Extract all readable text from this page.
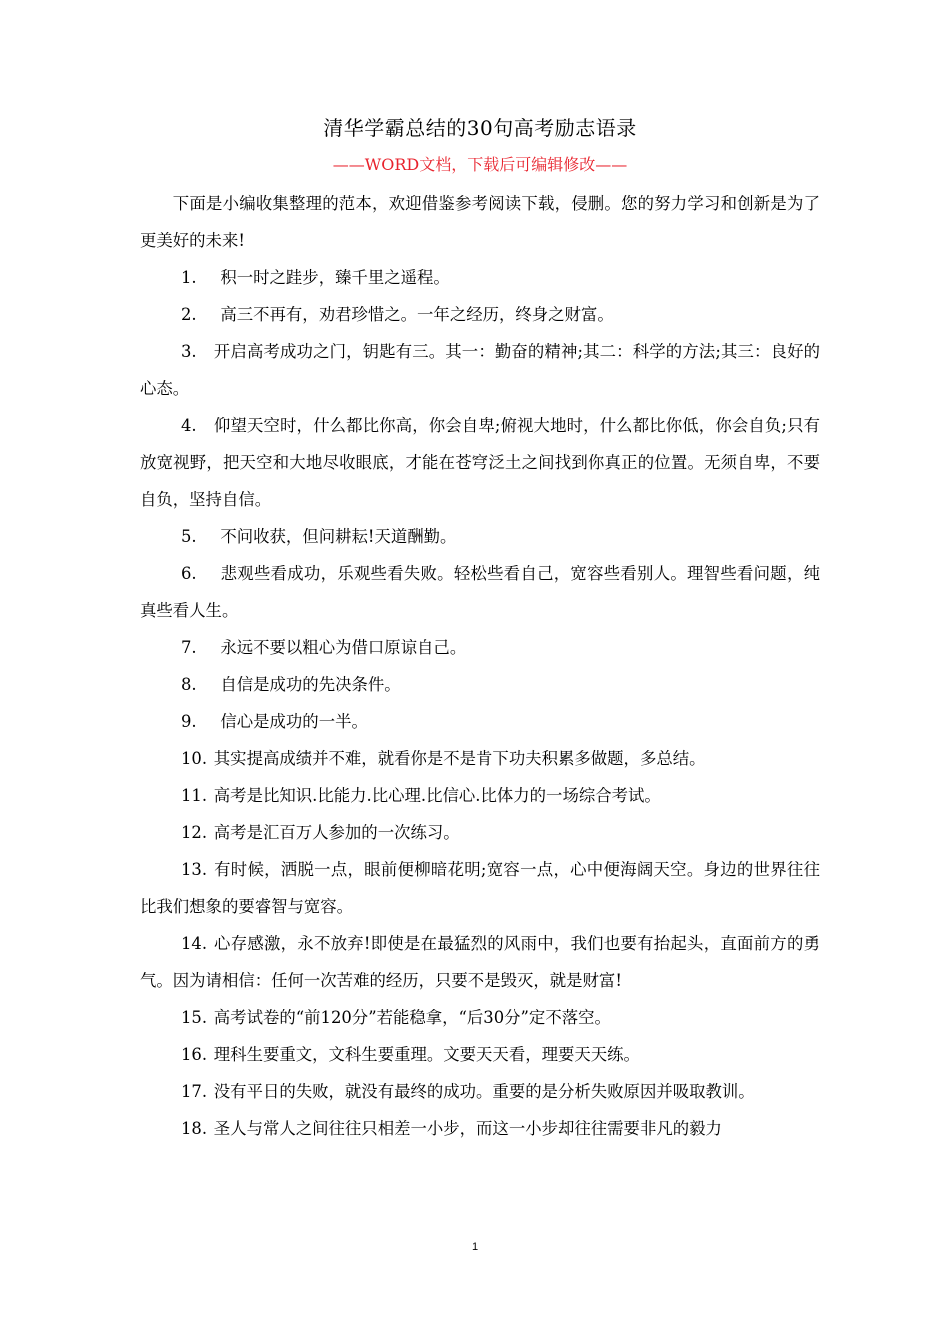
清华学霸总结的30句高考励志语录
——WORD文档，下载后可编辑修改——

下面是小编收集整理的范本，欢迎借鉴参考阅读下载，侵删。您的努力学习和创新是为了更美好的未来!

1. 积一时之跬步，臻千里之遥程。

2. 高三不再有，劝君珍惜之。一年之经历，终身之财富。

3. 开启高考成功之门，钥匙有三。其一：勤奋的精神;其二：科学的方法;其三：良好的心态。

4. 仰望天空时，什么都比你高，你会自卑;俯视大地时，什么都比你低，你会自负;只有放宽视野，把天空和大地尽收眼底，才能在苍穹泛土之间找到你真正的位置。无须自卑，不要自负，坚持自信。

5. 不问收获，但问耕耘!天道酬勤。

6. 悲观些看成功，乐观些看失败。轻松些看自己，宽容些看别人。理智些看问题，纯真些看人生。

7. 永远不要以粗心为借口原谅自己。

8. 自信是成功的先决条件。

9. 信心是成功的一半。

10. 其实提高成绩并不难，就看你是不是肯下功夫积累多做题，多总结。

11. 高考是比知识.比能力.比心理.比信心.比体力的一场综合考试。

12. 高考是汇百万人参加的一次练习。

13. 有时候，洒脱一点，眼前便柳暗花明;宽容一点，心中便海阔天空。身边的世界往往比我们想象的要睿智与宽容。

14. 心存感激，永不放弃!即使是在最猛烈的风雨中，我们也要有抬起头，直面前方的勇气。因为请相信：任何一次苦难的经历，只要不是毁灭，就是财富!

15. 高考试卷的“前120分”若能稳拿，“后30分”定不落空。

16. 理科生要重文，文科生要重理。文要天天看，理要天天练。

17. 没有平日的失败，就没有最终的成功。重要的是分析失败原因并吸取教训。

18. 圣人与常人之间往往只相差一小步，而这一小步却往往需要非凡的毅力

1
